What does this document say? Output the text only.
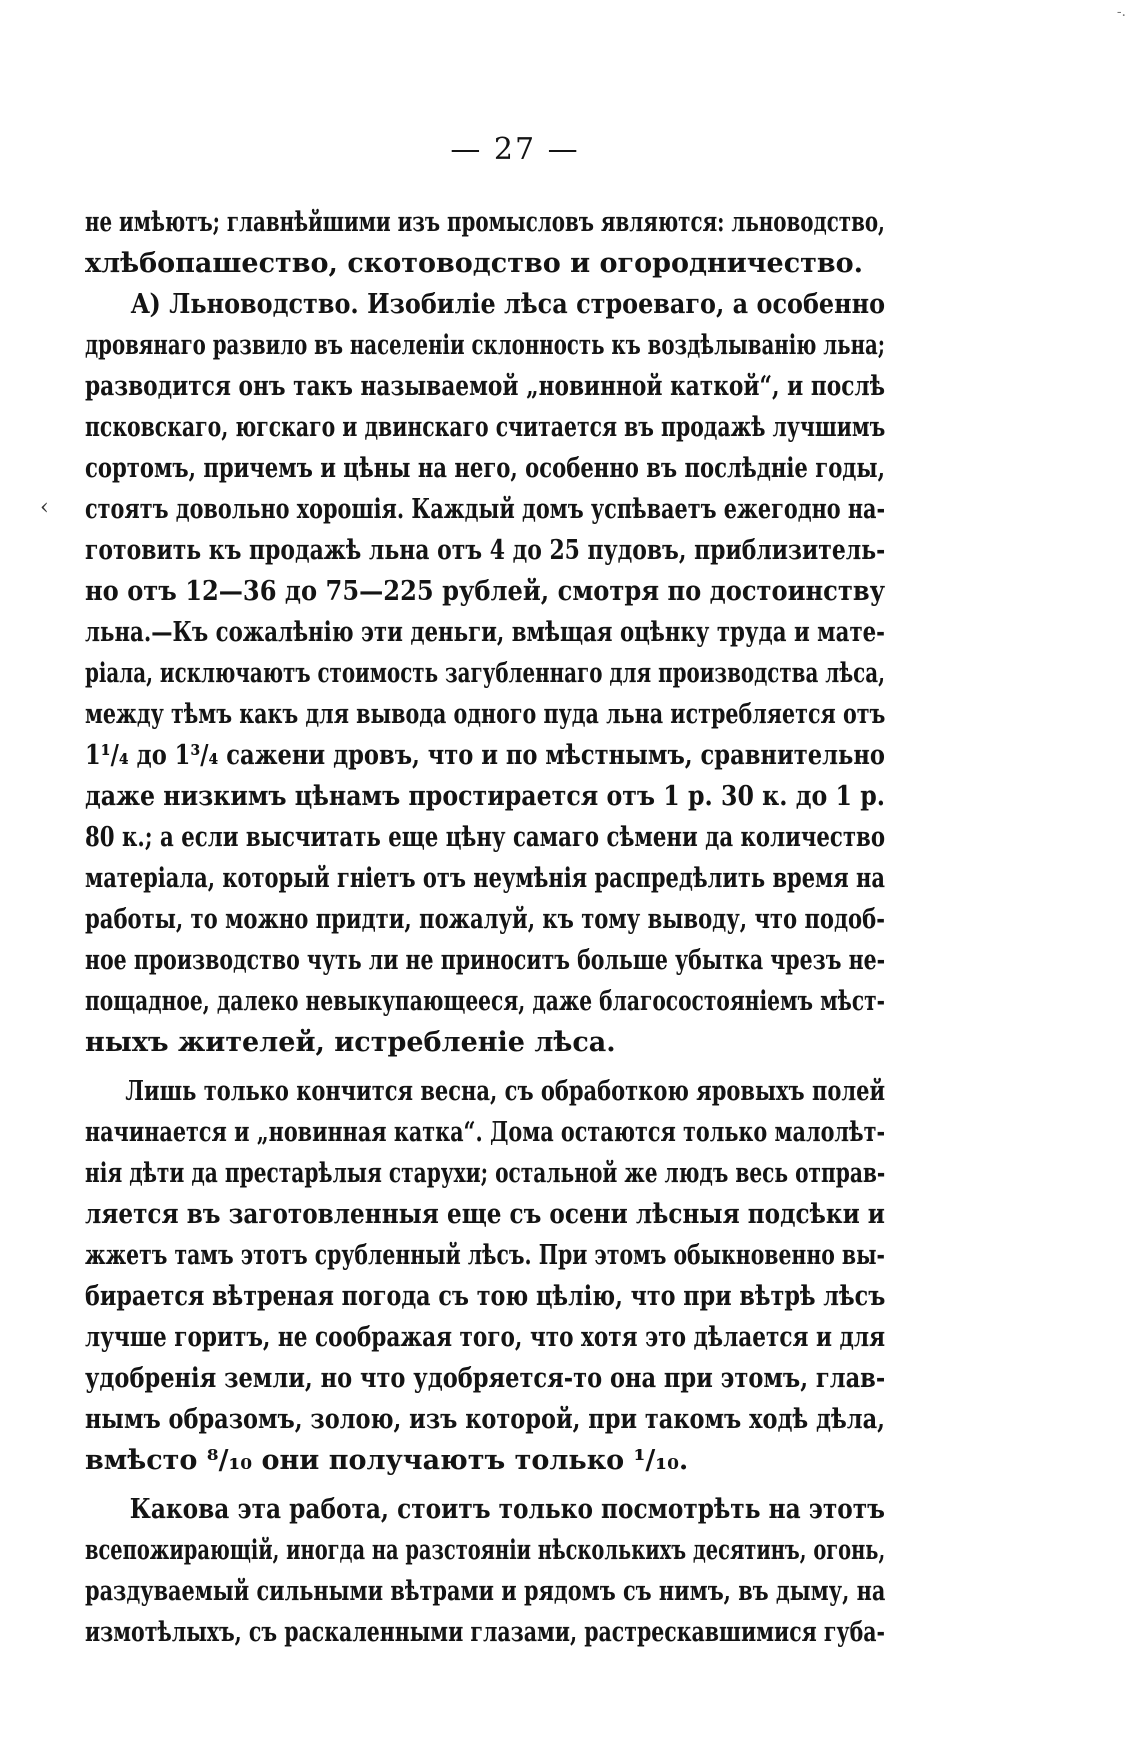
-.
— 27 —
‹
не имѣютъ; главнѣйшими изъ промысловъ являются: льноводство,
хлѣбопашество, скотоводство и огородничество.
A) Льноводство. Изобиліе лѣса строеваго, а особенно
дровянаго развило въ населеніи склонность къ воздѣлыванію льна;
разводится онъ такъ называемой „новинной каткой“, и послѣ
псковскаго, югскаго и двинскаго считается въ продажѣ лучшимъ
сортомъ, причемъ и цѣны на него, особенно въ послѣдніе годы,
стоятъ довольно хорошія. Каждый домъ успѣваетъ ежегодно на-
готовить къ продажѣ льна отъ 4 до 25 пудовъ, приблизитель-
но отъ 12—36 до 75—225 рублей, смотря по достоинству
льна.—Къ сожалѣнію эти деньги, вмѣщая оцѣнку труда и мате-
ріала, исключаютъ стоимость загубленнаго для производства лѣса,
между тѣмъ какъ для вывода одного пуда льна истребляется отъ
1¹/₄ до 1³/₄ сажени дровъ, что и по мѣстнымъ, сравнительно
даже низкимъ цѣнамъ простирается отъ 1 р. 30 к. до 1 р.
80 к.; а если высчитать еще цѣну самаго сѣмени да количество
матеріала, который гніетъ отъ неумѣнія распредѣлить время на
работы, то можно придти, пожалуй, къ тому выводу, что подоб-
ное производство чуть ли не приноситъ больше убытка чрезъ не-
пощадное, далеко невыкупающееся, даже благосостояніемъ мѣст-
ныхъ жителей, истребленіе лѣса.
Лишь только кончится весна, съ обработкою яровыхъ полей
начинается и „новинная катка“. Дома остаются только малолѣт-
нія дѣти да престарѣлыя старухи; остальной же людъ весь отправ-
ляется въ заготовленныя еще съ осени лѣсныя подсѣки и
жжетъ тамъ этотъ срубленный лѣсъ. При этомъ обыкновенно вы-
бирается вѣтреная погода съ тою цѣлію, что при вѣтрѣ лѣсъ
лучше горитъ, не соображая того, что хотя это дѣлается и для
удобренія земли, но что удобряется-то она при этомъ, глав-
нымъ образомъ, золою, изъ которой, при такомъ ходѣ дѣла,
вмѣсто ⁸/₁₀ они получаютъ только ¹/₁₀.
Какова эта работа, стоитъ только посмотрѣть на этотъ
всепожирающій, иногда на разстояніи нѣсколькихъ десятинъ, огонь,
раздуваемый сильными вѣтрами и рядомъ съ нимъ, въ дыму, на
измотѣлыхъ, съ раскаленными глазами, растрескавшимися губа-
